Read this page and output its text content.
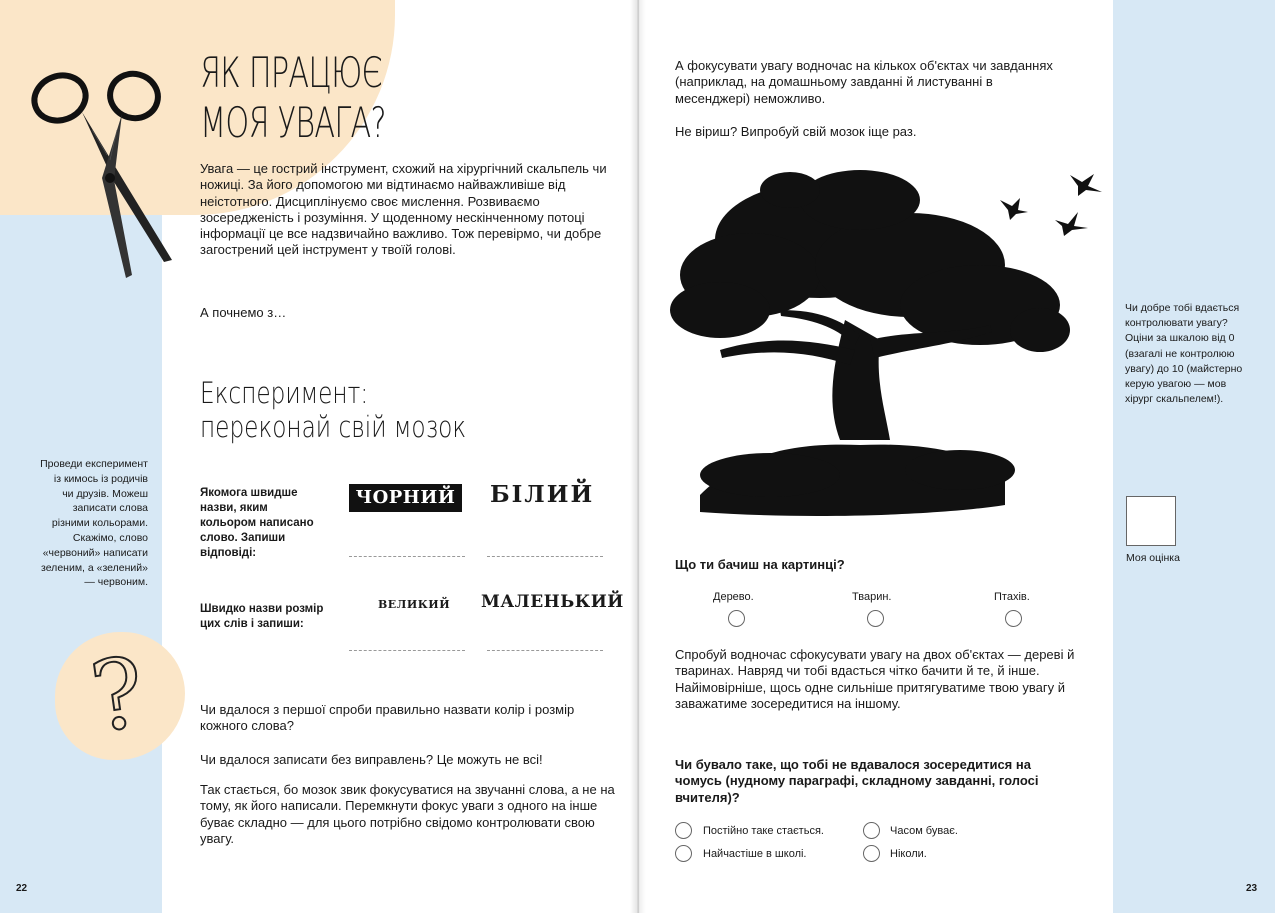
ЯК ПРАЦЮЄ
МОЯ УВАГА?
Увага — це гострий інструмент, схожий на хірургічний скальпель чи ножиці. За його допомогою ми відтинаємо найважливіше від неістотного. Дисциплінуємо своє мислення. Розвиваємо зосередженість і розуміння. У щоденному нескінченному потоці інформації це все надзвичайно важливо. Тож перевірмо, чи добре загострений цей інструмент у твоїй голові.
А почнемо з…
Експеримент:
переконай свій мозок
Проведи експеримент із кимось із родичів чи друзів. Можеш записати слова різними кольорами. Скажімо, слово «червоний» написати зеленим, а «зелений» — червоним.
?
Якомога швидше назви, яким кольором написано слово. Запиши відповіді:
ЧОРНИЙ БІЛИЙ
Швидко назви розмір цих слів і запиши:
ВЕЛИКИЙ МАЛЕНЬКИЙ
Чи вдалося з першої спроби правильно назвати колір і розмір кожного слова?
Чи вдалося записати без виправлень? Це можуть не всі!
Так стається, бо мозок звик фокусуватися на звучанні слова, а не на тому, як його написали. Перемкнути фокус уваги з одного на інше буває складно — для цього потрібно свідомо контролювати свою увагу.
22
А фокусувати увагу водночас на кількох об'єктах чи завданнях (наприклад, на домашньому завданні й листуванні в месенджері) неможливо.
Не віриш? Випробуй свій мозок іще раз.
Що ти бачиш на картинці?
Дерево.	Тварин.	Птахів.
Спробуй водночас сфокусувати увагу на двох об'єктах — дереві й тваринах. Навряд чи тобі вдасться чітко бачити й те, й інше. Найімовірніше, щось одне сильніше притягуватиме твою увагу й заважатиме зосередитися на іншому.
Чи бувало таке, що тобі не вдавалося зосередитися на чомусь (нудному параграфі, складному завданні, голосі вчителя)?
Постійно таке стається.	Часом буває.
Найчастіше в школі.	Ніколи.
Чи добре тобі вдається контролювати увагу? Оціни за шкалою від 0 (взагалі не контролюю увагу) до 10 (майстерно керую увагою — мов хірург скальпелем!).
Моя оцінка
23
